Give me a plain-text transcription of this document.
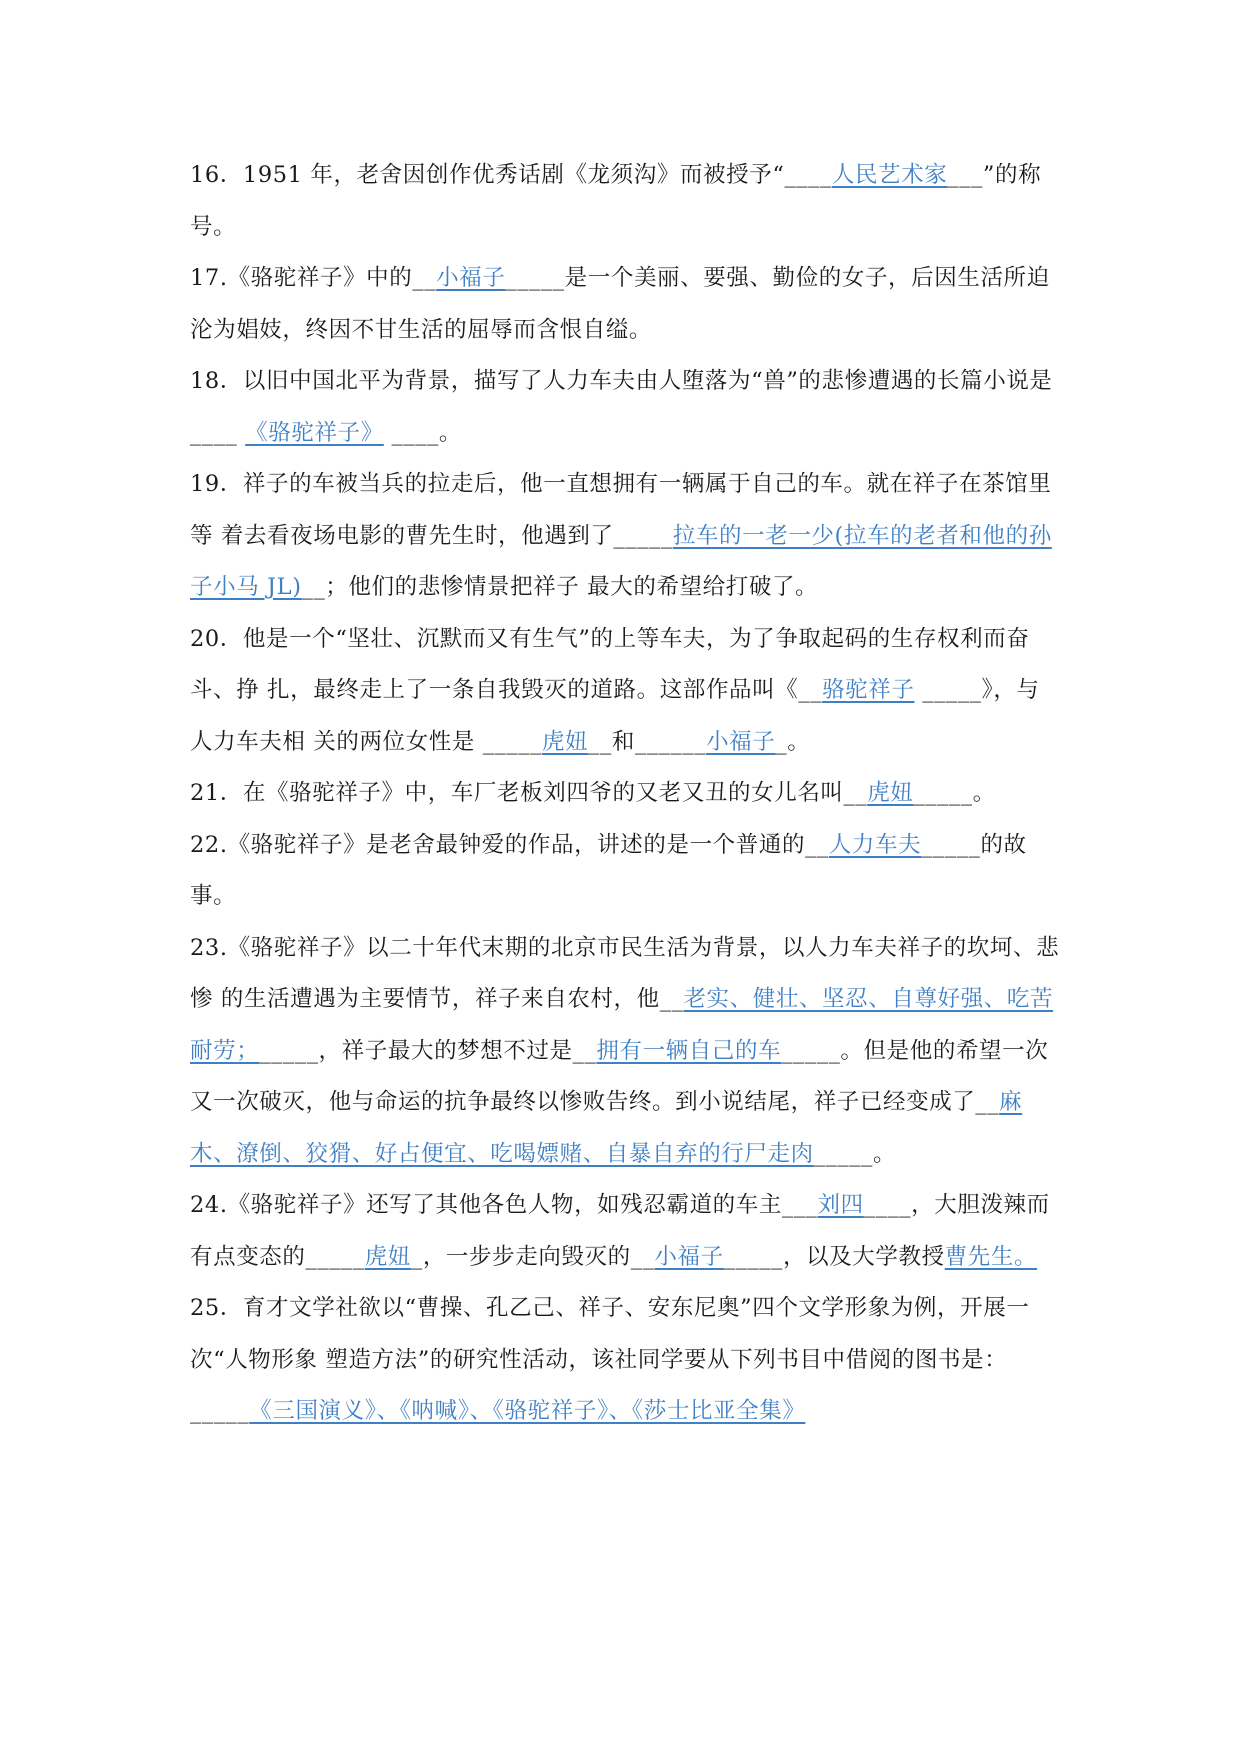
16．1951 年，老舍因创作优秀话剧《龙须沟》而被授予“____人民艺术家___”的称号。

17.《骆驼祥子》中的__小福子_____是一个美丽、要强、勤俭的女子，后因生活所迫沦为娼妓，终因不甘生活的屈辱而含恨自缢。

18．以旧中国北平为背景，描写了人力车夫由人堕落为“兽”的悲惨遭遇的长篇小说是____ 《骆驼祥子》 ____。

19．祥子的车被当兵的拉走后，他一直想拥有一辆属于自己的车。就在祥子在茶馆里等 着去看夜场电影的曹先生时，他遇到了_____拉车的一老一少(拉车的老者和他的孙子小马 JL)__；他们的悲惨情景把祥子 最大的希望给打破了。

20．他是一个“坚壮、沉默而又有生气”的上等车夫，为了争取起码的生存权利而奋斗、挣 扎，最终走上了一条自我毁灭的道路。这部作品叫《__骆驼祥子 _____》，与人力车夫相 关的两位女性是 _____虎妞__和______小福子_。

21．在《骆驼祥子》中，车厂老板刘四爷的又老又丑的女儿名叫__虎妞_____。

22.《骆驼祥子》是老舍最钟爱的作品，讲述的是一个普通的__人力车夫_____的故事。

23.《骆驼祥子》以二十年代末期的北京市民生活为背景，以人力车夫祥子的坎坷、悲惨 的生活遭遇为主要情节，祥子来自农村，他__老实、健壮、坚忍、自尊好强、吃苦耐劳；_____，祥子最大的梦想不过是__拥有一辆自己的车_____。但是他的希望一次又一次破灭，他与命运的抗争最终以惨败告终。到小说结尾，祥子已经变成了__麻木、潦倒、狡猾、好占便宜、吃喝嫖赌、自暴自弃的行尸走肉_____。

24.《骆驼祥子》还写了其他各色人物，如残忍霸道的车主___刘四____，大胆泼辣而有点变态的_____虎妞_，一步步走向毁灭的__小福子_____，以及大学教授曹先生。

25．育才文学社欲以“曹操、孔乙己、祥子、安东尼奥”四个文学形象为例，开展一次“人物形象 塑造方法”的研究性活动，该社同学要从下列书目中借阅的图书是：_____《三国演义》、《呐喊》、《骆驼祥子》、《莎士比亚全集》
